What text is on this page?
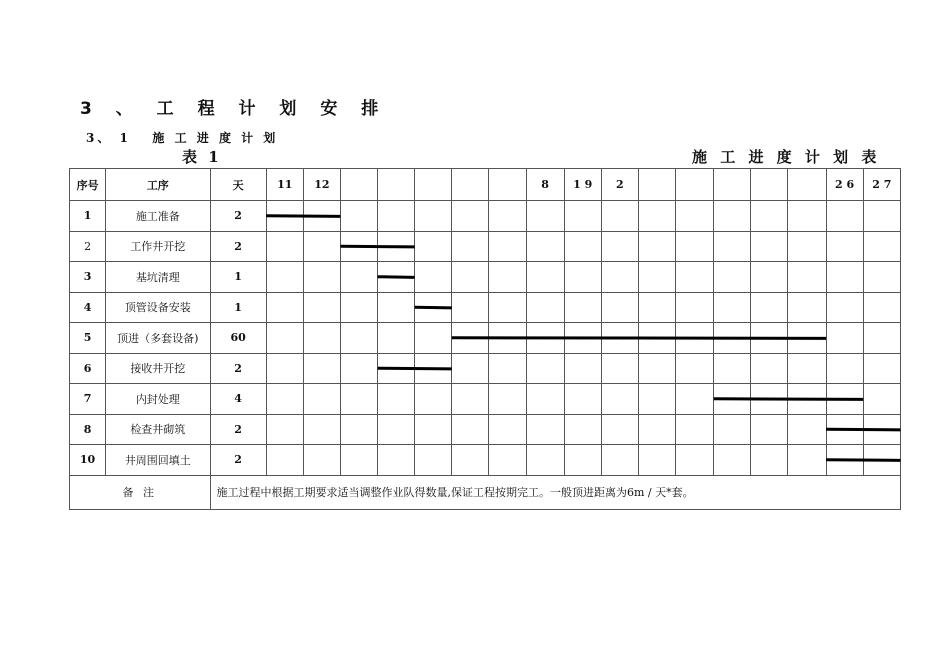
3 、 工 程 计 划 安 排
3、 1   施 工 进 度 计 划
表 1	施 工 进 度 计 划 表
序号	工序	天	11	12						8	1 9	2						2 6	2 7
1	施工准备	2																	
2	工作井开挖	2																	
3	基坑清理	1																	
4	顶管设备安装	1																	
5	顶进（多套设备)	60																	
6	接收井开挖	2																	
7	内封处理	4																	
8	检查井砌筑	2																	
10	井周围回填土	2																	
备 注		施工过程中根据工期要求适当调整作业队得数量,保证工程按期完工。一般顶进距离为6m / 天*套。																	
